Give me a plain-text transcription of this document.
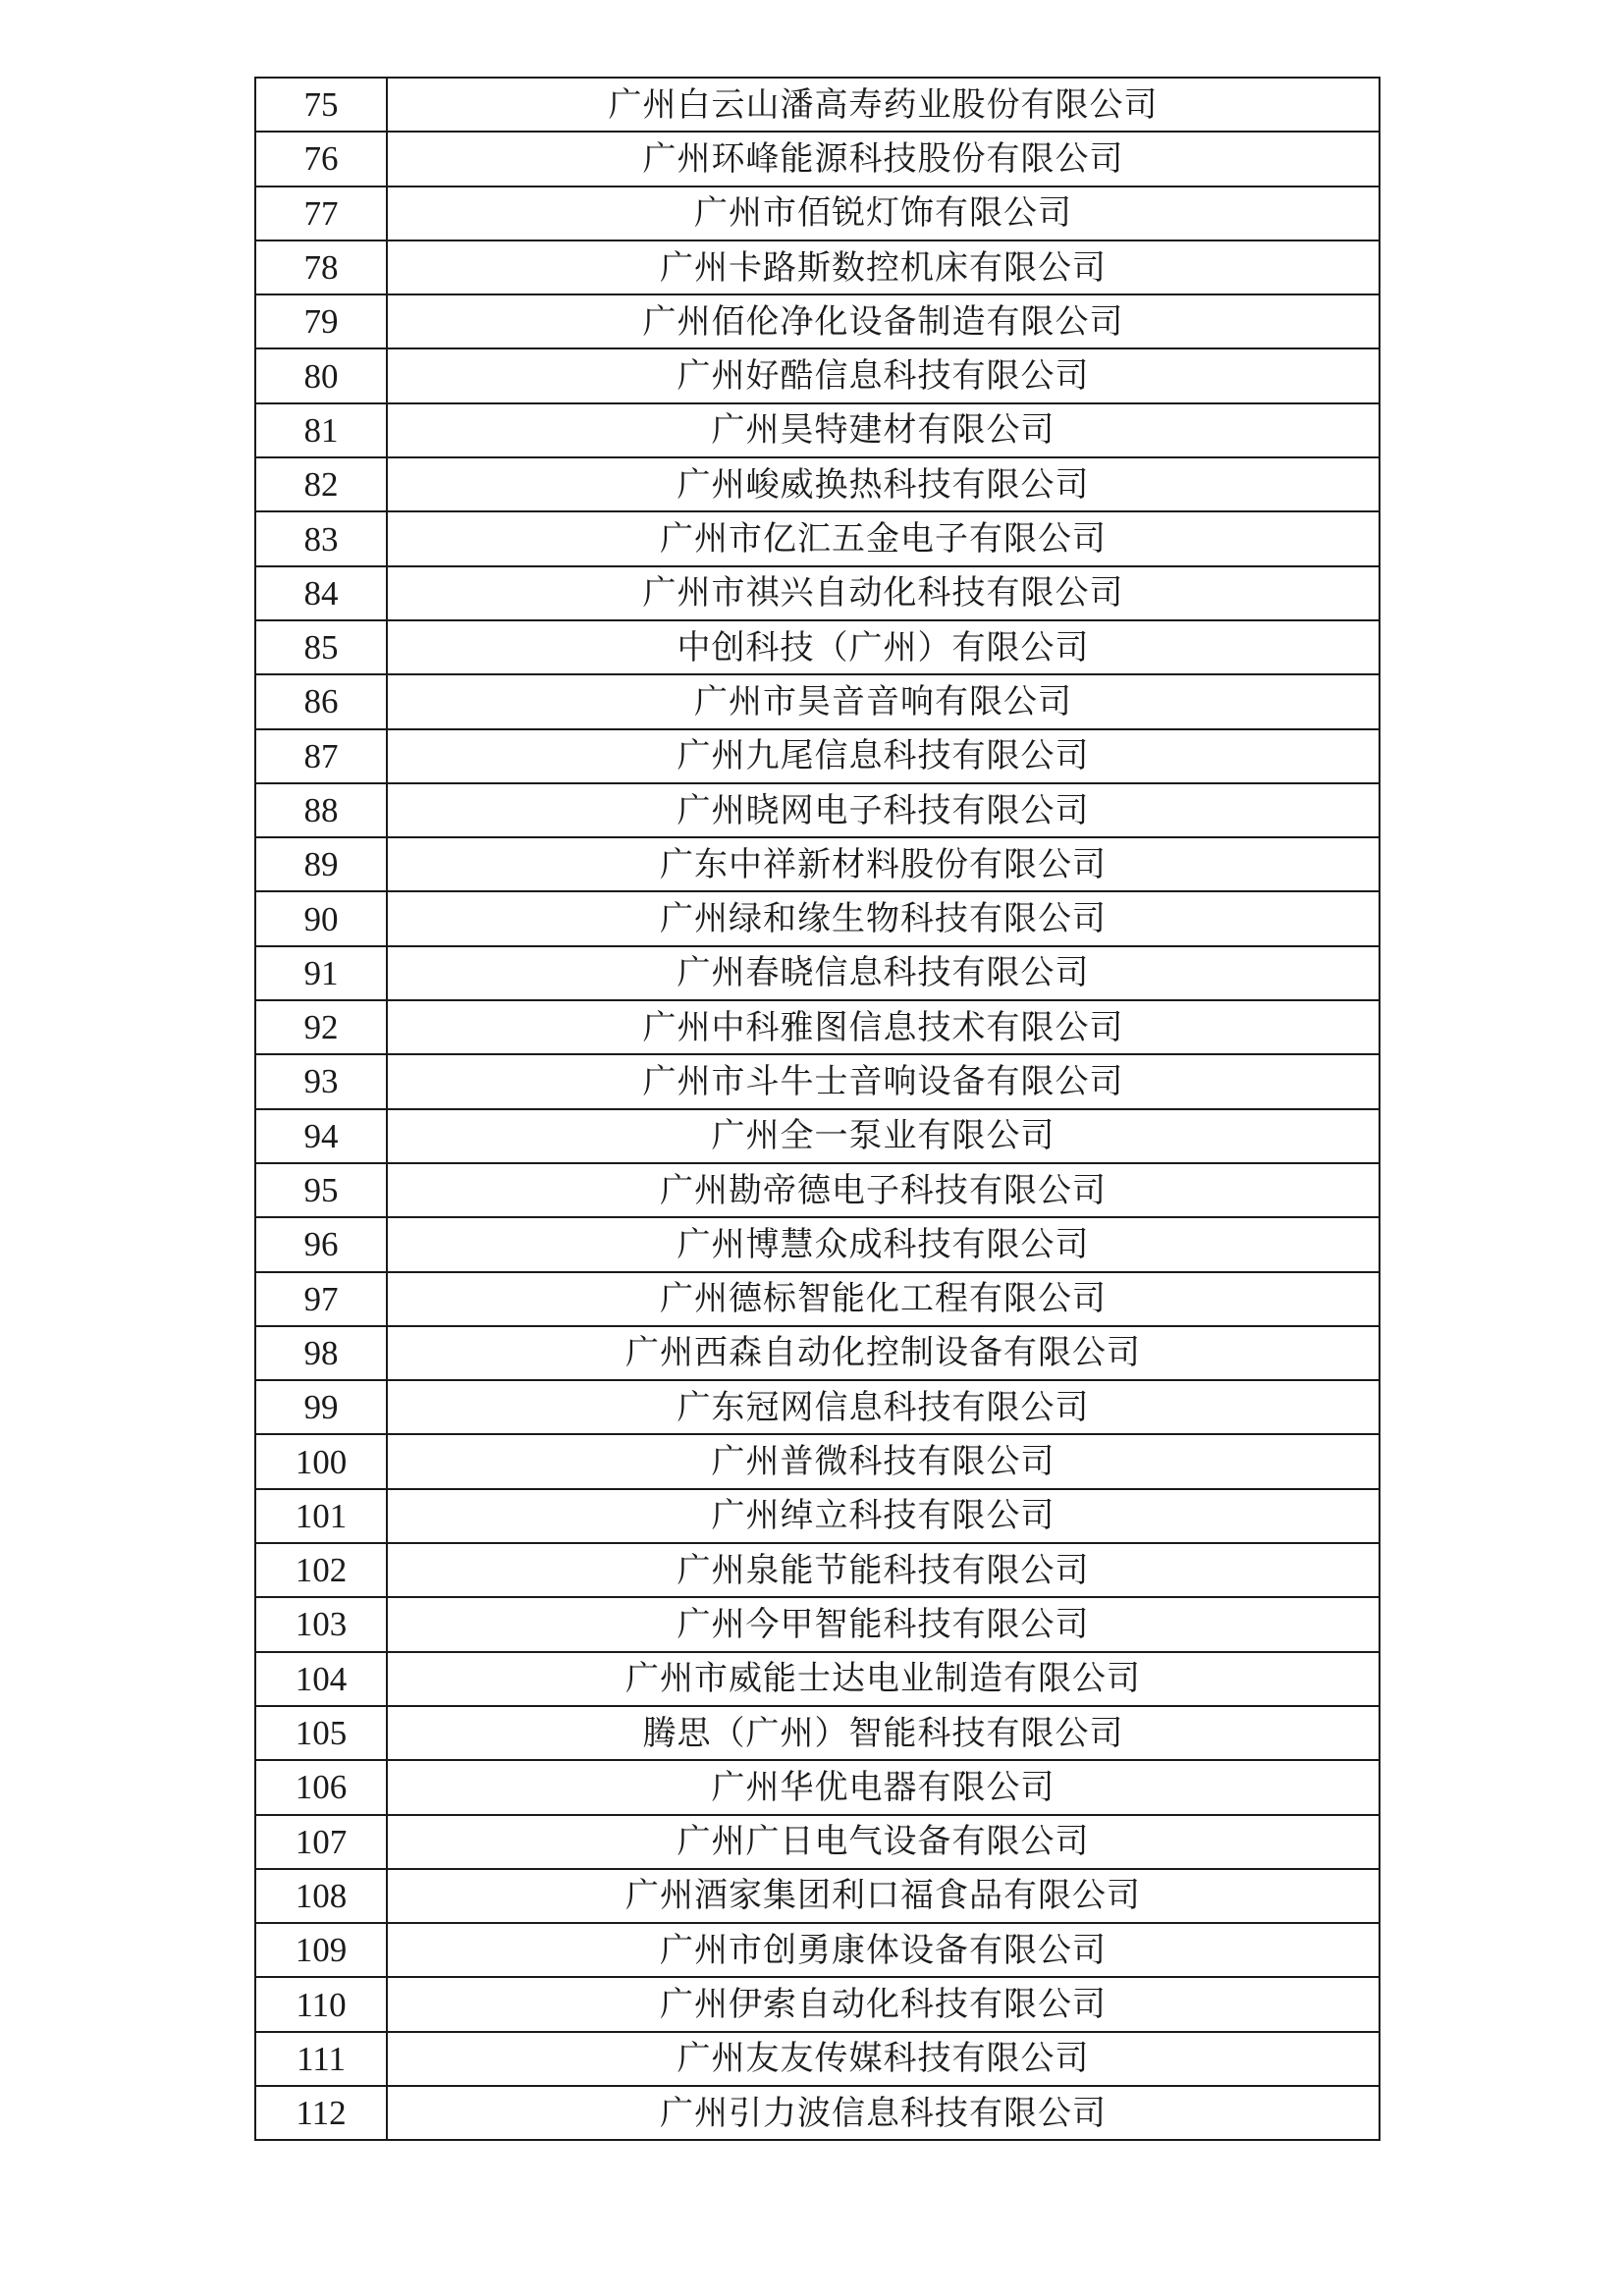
75	广州白云山潘高寿药业股份有限公司
76	广州环峰能源科技股份有限公司
77	广州市佰锐灯饰有限公司
78	广州卡路斯数控机床有限公司
79	广州佰伦净化设备制造有限公司
80	广州好酷信息科技有限公司
81	广州昊特建材有限公司
82	广州峻威换热科技有限公司
83	广州市亿汇五金电子有限公司
84	广州市祺兴自动化科技有限公司
85	中创科技（广州）有限公司
86	广州市昊音音响有限公司
87	广州九尾信息科技有限公司
88	广州晓网电子科技有限公司
89	广东中祥新材料股份有限公司
90	广州绿和缘生物科技有限公司
91	广州春晓信息科技有限公司
92	广州中科雅图信息技术有限公司
93	广州市斗牛士音响设备有限公司
94	广州全一泵业有限公司
95	广州勘帝德电子科技有限公司
96	广州博慧众成科技有限公司
97	广州德标智能化工程有限公司
98	广州西森自动化控制设备有限公司
99	广东冠网信息科技有限公司
100	广州普微科技有限公司
101	广州绰立科技有限公司
102	广州泉能节能科技有限公司
103	广州今甲智能科技有限公司
104	广州市威能士达电业制造有限公司
105	腾思（广州）智能科技有限公司
106	广州华优电器有限公司
107	广州广日电气设备有限公司
108	广州酒家集团利口福食品有限公司
109	广州市创勇康体设备有限公司
110	广州伊索自动化科技有限公司
111	广州友友传媒科技有限公司
112	广州引力波信息科技有限公司
